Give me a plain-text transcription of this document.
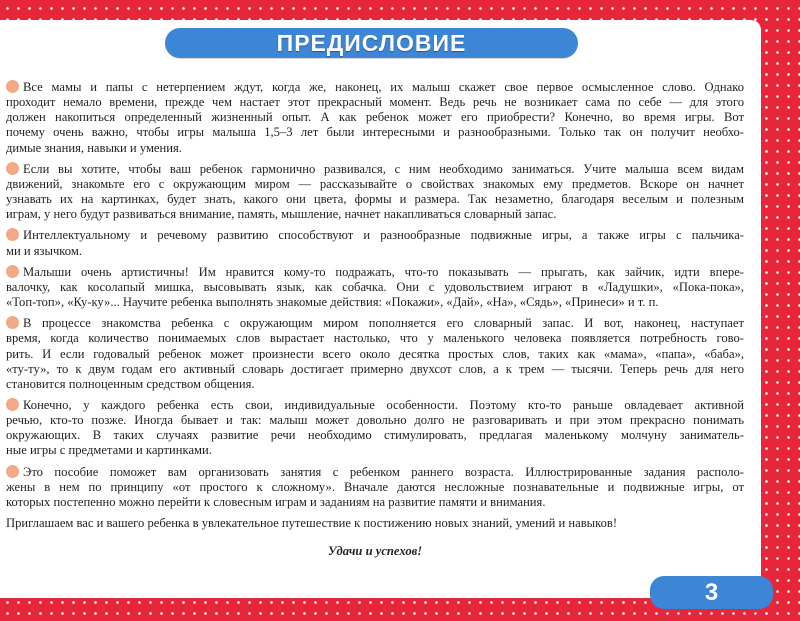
ПРЕДИСЛОВИЕ
Все мамы и папы с нетерпением ждут, когда же, наконец, их малыш скажет свое первое осмысленное слово. Однако
проходит немало времени, прежде чем настает этот прекрасный момент. Ведь речь не возникает сама по себе — для этого
должен накопиться определенный жизненный опыт. А как ребенок может его приобрести? Конечно, во время игры. Вот
почему очень важно, чтобы игры малыша 1,5–3 лет были интересными и разнообразными. Только так он получит необхо-
димые знания, навыки и умения.
Если вы хотите, чтобы ваш ребенок гармонично развивался, с ним необходимо заниматься. Учите малыша всем видам
движений, знакомьте его с окружающим миром — рассказывайте о свойствах знакомых ему предметов. Вскоре он начнет
узнавать их на картинках, будет знать, какого они цвета, формы и размера. Так незаметно, благодаря веселым и полезным
играм, у него будут развиваться внимание, память, мышление, начнет накапливаться словарный запас.
Интеллектуальному и речевому развитию способствуют и разнообразные подвижные игры, а также игры с пальчика-
ми и язычком.
Малыши очень артистичны! Им нравится кому-то подражать, что-то показывать — прыгать, как зайчик, идти впере-
валочку, как косолапый мишка, высовывать язык, как собачка. Они с удовольствием играют в «Ладушки», «Пока-пока»,
«Топ-топ», «Ку-ку»... Научите ребенка выполнять знакомые действия: «Покажи», «Дай», «На», «Сядь», «Принеси» и т. п.
В процессе знакомства ребенка с окружающим миром пополняется его словарный запас. И вот, наконец, наступает
время, когда количество понимаемых слов вырастает настолько, что у маленького человека появляется потребность гово-
рить. И если годовалый ребенок может произнести всего около десятка простых слов, таких как «мама», «папа», «баба»,
«ту-ту», то к двум годам его активный словарь достигает примерно двухсот слов, а к трем — тысячи. Теперь речь для него
становится полноценным средством общения.
Конечно, у каждого ребенка есть свои, индивидуальные особенности. Поэтому кто-то раньше овладевает активной
речью, кто-то позже. Иногда бывает и так: малыш может довольно долго не разговаривать и при этом прекрасно понимать
окружающих. В таких случаях развитие речи необходимо стимулировать, предлагая маленькому молчуну заниматель-
ные игры с предметами и картинками.
Это пособие поможет вам организовать занятия с ребенком раннего возраста. Иллюстрированные задания располо-
жены в нем по принципу «от простого к сложному». Вначале даются несложные познавательные и подвижные игры, от
которых постепенно можно перейти к словесным играм и заданиям на развитие памяти и внимания.
Приглашаем вас и вашего ребенка в увлекательное путешествие к постижению новых знаний, умений и навыков!
Удачи и успехов!
3
